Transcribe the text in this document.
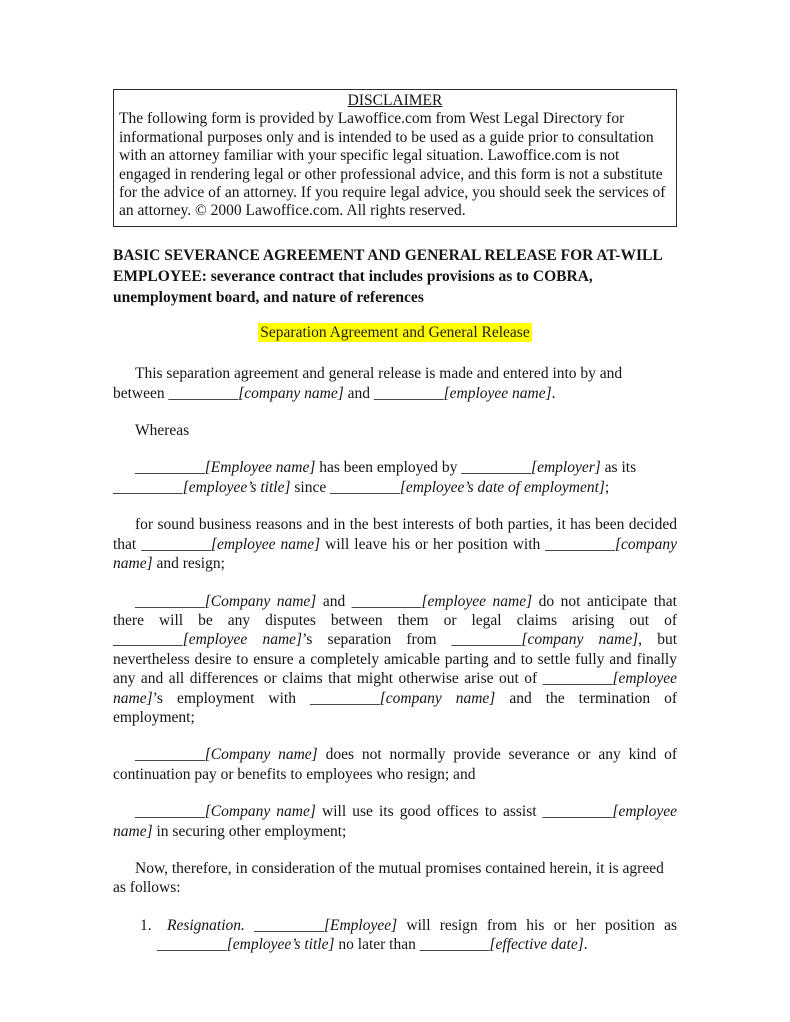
DISCLAIMER
The following form is provided by Lawoffice.com from West Legal Directory for informational purposes only and is intended to be used as a guide prior to consultation with an attorney familiar with your specific legal situation. Lawoffice.com is not engaged in rendering legal or other professional advice, and this form is not a substitute for the advice of an attorney. If you require legal advice, you should seek the services of an attorney. © 2000 Lawoffice.com. All rights reserved.

BASIC SEVERANCE AGREEMENT AND GENERAL RELEASE FOR AT-WILL EMPLOYEE: severance contract that includes provisions as to COBRA, unemployment board, and nature of references

Separation Agreement and General Release

This separation agreement and general release is made and entered into by and between _________[company name] and _________[employee name].

Whereas

_________[Employee name] has been employed by _________[employer] as its _________[employee’s title] since _________[employee’s date of employment];

for sound business reasons and in the best interests of both parties, it has been decided that _________[employee name] will leave his or her position with _________[company name] and resign;

_________[Company name] and _________[employee name] do not anticipate that there will be any disputes between them or legal claims arising out of _________[employee name]’s separation from _________[company name], but nevertheless desire to ensure a completely amicable parting and to settle fully and finally any and all differences or claims that might otherwise arise out of _________[employee name]’s employment with _________[company name] and the termination of employment;

_________[Company name] does not normally provide severance or any kind of continuation pay or benefits to employees who resign; and

_________[Company name] will use its good offices to assist _________[employee name] in securing other employment;

Now, therefore, in consideration of the mutual promises contained herein, it is agreed as follows:

1. Resignation. _________[Employee] will resign from his or her position as _________[employee’s title] no later than _________[effective date].
